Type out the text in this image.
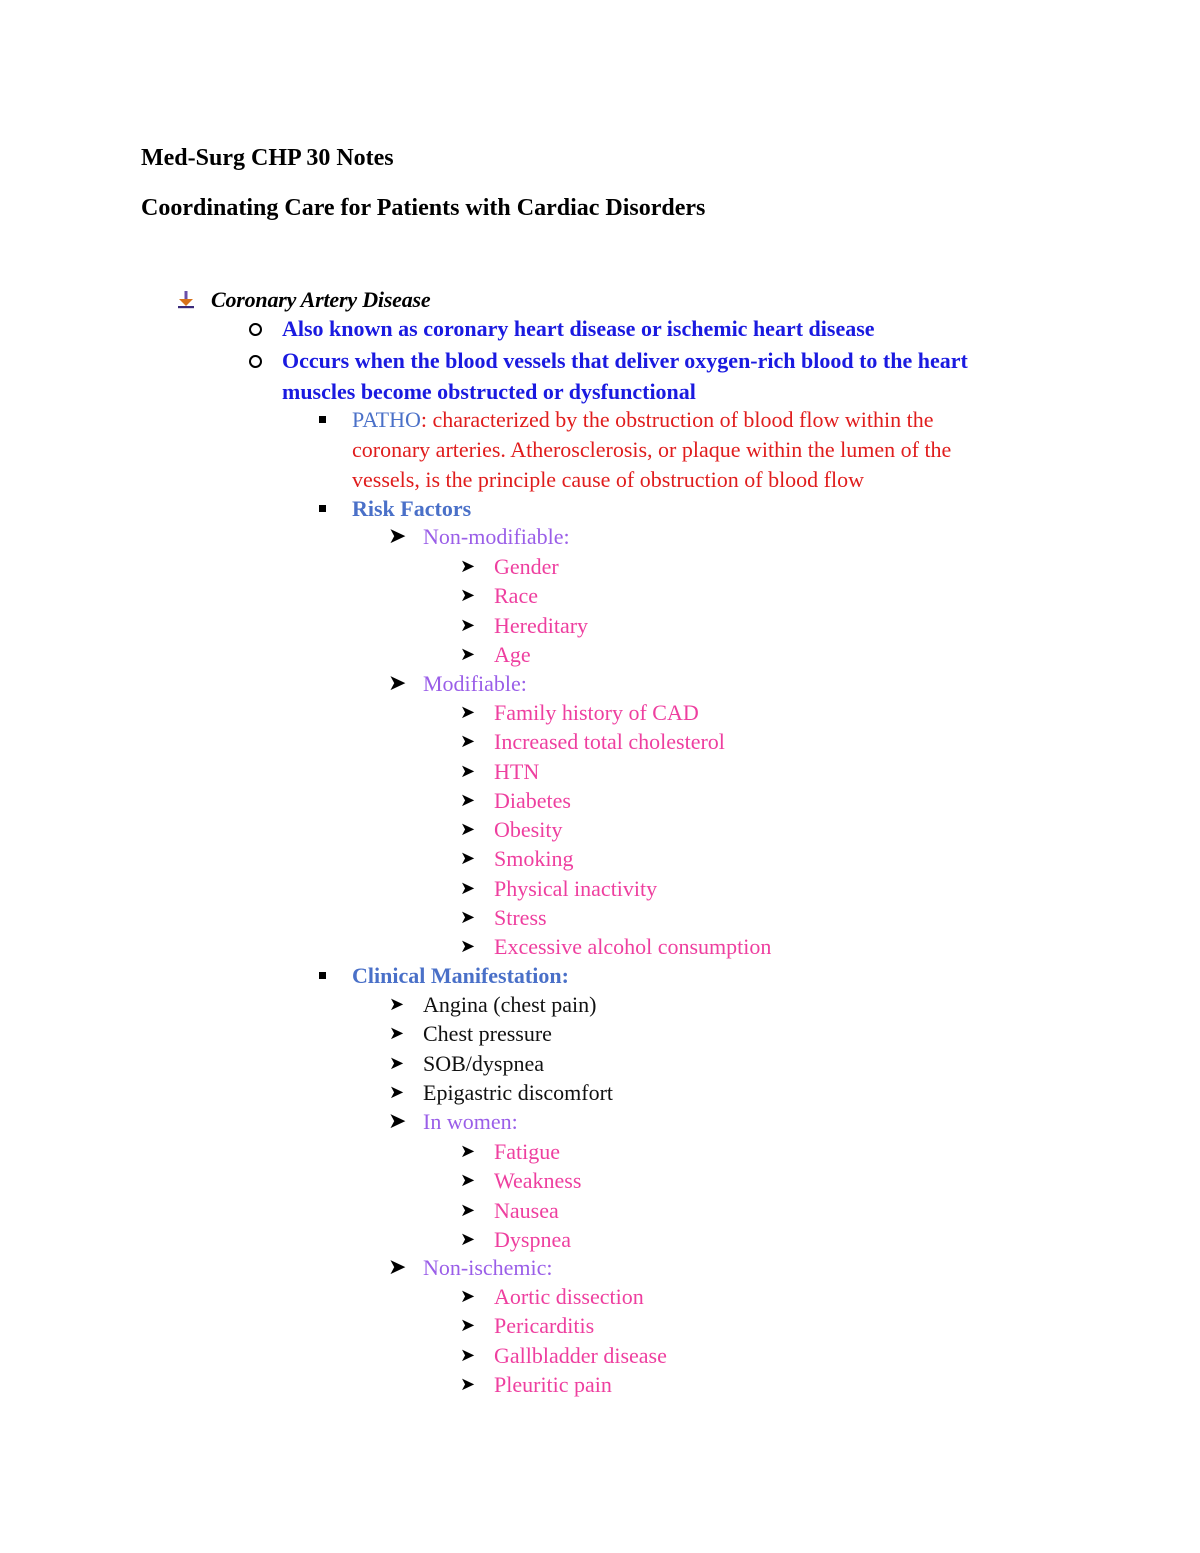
Med-Surg CHP 30 Notes
Coordinating Care for Patients with Cardiac Disorders
Coronary Artery Disease
Also known as coronary heart disease or ischemic heart disease
Occurs when the blood vessels that deliver oxygen-rich blood to the heart
muscles become obstructed or dysfunctional
PATHO: characterized by the obstruction of blood flow within the
coronary arteries. Atherosclerosis, or plaque within the lumen of the
vessels, is the principle cause of obstruction of blood flow
Risk Factors
➤ Non-modifiable:
➤ Gender
➤ Race
➤ Hereditary
➤ Age
➤ Modifiable:
➤ Family history of CAD
➤ Increased total cholesterol
➤ HTN
➤ Diabetes
➤ Obesity
➤ Smoking
➤ Physical inactivity
➤ Stress
➤ Excessive alcohol consumption
Clinical Manifestation:
➤ Angina (chest pain)
➤ Chest pressure
➤ SOB/dyspnea
➤ Epigastric discomfort
➤ In women:
➤ Fatigue
➤ Weakness
➤ Nausea
➤ Dyspnea
➤ Non-ischemic:
➤ Aortic dissection
➤ Pericarditis
➤ Gallbladder disease
➤ Pleuritic pain
